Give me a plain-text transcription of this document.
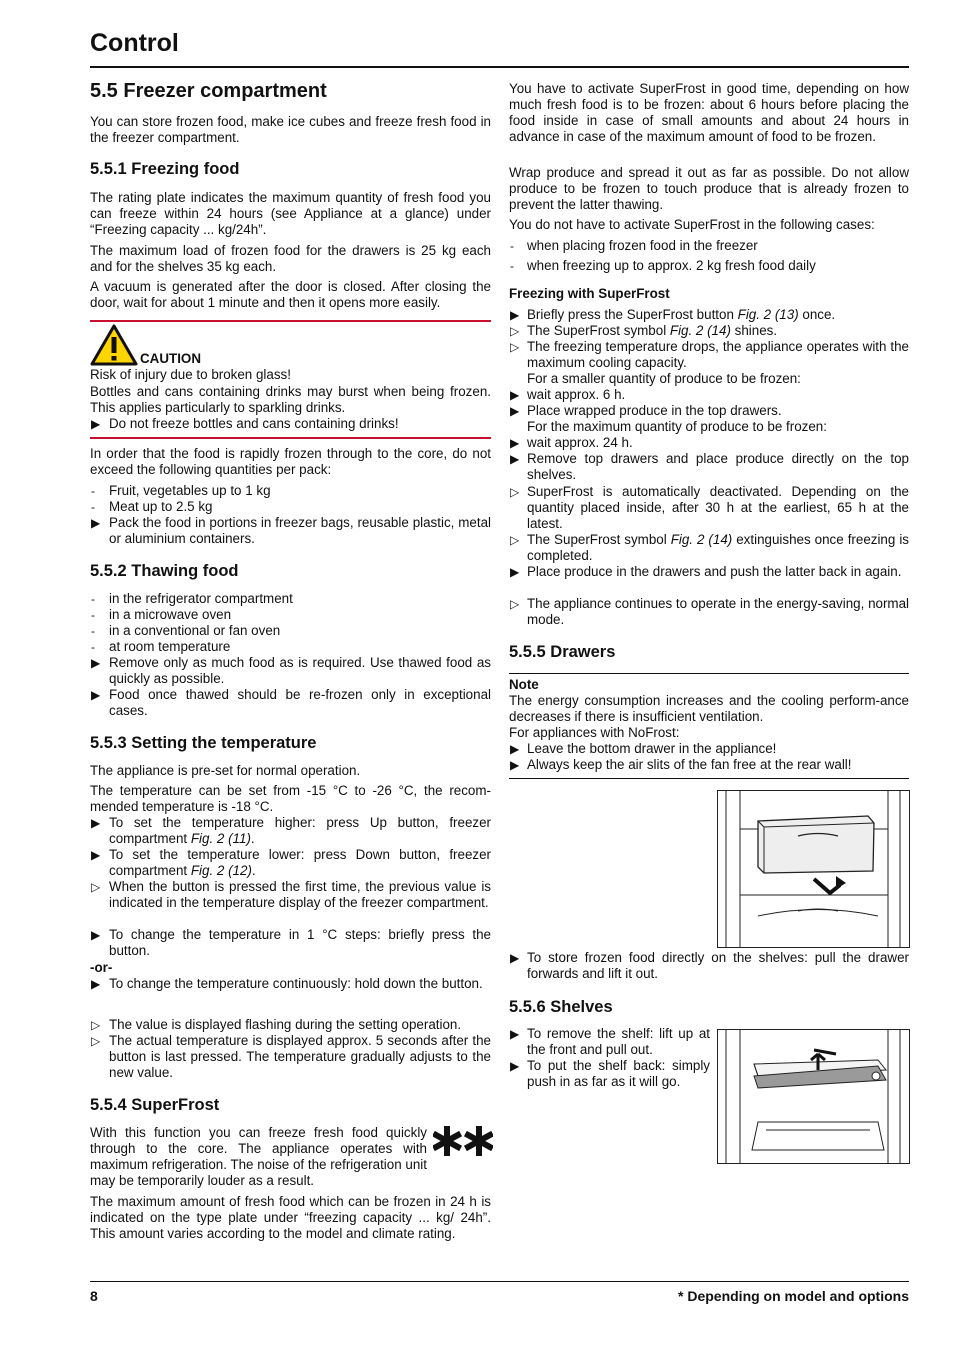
Control
5.5 Freezer compartment

You can store frozen food, make ice cubes and freeze fresh food in the freezer compartment.

5.5.1 Freezing food

The rating plate indicates the maximum quantity of fresh food you can freeze within 24 hours (see Appliance at a glance) under “Freezing capacity ... kg/24h”.

The maximum load of frozen food for the drawers is 25 kg each and for the shelves 35 kg each.

A vacuum is generated after the door is closed. After closing the door, wait for about 1 minute and then it opens more easily.

CAUTION

Risk of injury due to broken glass!

Bottles and cans containing drinks may burst when being frozen. This applies particularly to sparkling drinks.

▶ Do not freeze bottles and cans containing drinks!

In order that the food is rapidly frozen through to the core, do not exceed the following quantities per pack:

- Fruit, vegetables up to 1 kg
- Meat up to 2.5 kg
▶ Pack the food in portions in freezer bags, reusable plastic, metal or aluminium containers.
5.5.2 Thawing food
- in the refrigerator compartment
- in a microwave oven
- in a conventional or fan oven
- at room temperature
▶ Remove only as much food as is required. Use thawed food as quickly as possible.
▶ Food once thawed should be re-frozen only in exceptional cases.
5.5.3 Setting the temperature

The appliance is pre-set for normal operation.

The temperature can be set from -15 °C to -26 °C, the recom-mended temperature is -18 °C.

▶ To set the temperature higher: press Up button, freezer compartment Fig. 2 (11).
▶ To set the temperature lower: press Down button, freezer compartment Fig. 2 (12).
▷ When the button is pressed the first time, the previous value is indicated in the temperature display of the freezer compartment.
▶ To change the temperature in 1 °C steps: briefly press the button.
-or-
▶ To change the temperature continuously: hold down the button.
▷ The value is displayed flashing during the setting operation.
▷ The actual temperature is displayed approx. 5 seconds after the button is last pressed. The temperature gradually adjusts to the new value.
5.5.4 SuperFrost

With this function you can freeze fresh food quickly through to the core. The appliance operates with maximum refrigeration. The noise of the refrigeration unit may be temporarily louder as a result.

The maximum amount of fresh food which can be frozen in 24 h is indicated on the type plate under “freezing capacity ... kg/ 24h”. This amount varies according to the model and climate rating.

You have to activate SuperFrost in good time, depending on how much fresh food is to be frozen: about 6 hours before placing the food inside in case of small amounts and about 24 hours in advance in case of the maximum amount of food to be frozen.

Wrap produce and spread it out as far as possible. Do not allow produce to be frozen to touch produce that is already frozen to prevent the latter thawing.

You do not have to activate SuperFrost in the following cases:

- when placing frozen food in the freezer
- when freezing up to approx. 2 kg fresh food daily
Freezing with SuperFrost
▶ Briefly press the SuperFrost button Fig. 2 (13) once.
▷ The SuperFrost symbol Fig. 2 (14) shines.
▷ The freezing temperature drops, the appliance operates with the maximum cooling capacity.
For a smaller quantity of produce to be frozen:
▶ wait approx. 6 h.
▶ Place wrapped produce in the top drawers.
For the maximum quantity of produce to be frozen:
▶ wait approx. 24 h.
▶ Remove top drawers and place produce directly on the top shelves.
▷ SuperFrost is automatically deactivated. Depending on the quantity placed inside, after 30 h at the earliest, 65 h at the latest.
▷ The SuperFrost symbol Fig. 2 (14) extinguishes once freezing is completed.
▶ Place produce in the drawers and push the latter back in again.
▷ The appliance continues to operate in the energy-saving, normal mode.
5.5.5 Drawers
Note

The energy consumption increases and the cooling perform-ance decreases if there is insufficient ventilation.

For appliances with NoFrost:

▶ Leave the bottom drawer in the appliance!
▶ Always keep the air slits of the fan free at the rear wall!
▶ To store frozen food directly on the shelves: pull the drawer forwards and lift it out.
5.5.6 Shelves
▶ To remove the shelf: lift up at the front and pull out.
▶ To put the shelf back: simply push in as far as it will go.
8	* Depending on model and options
